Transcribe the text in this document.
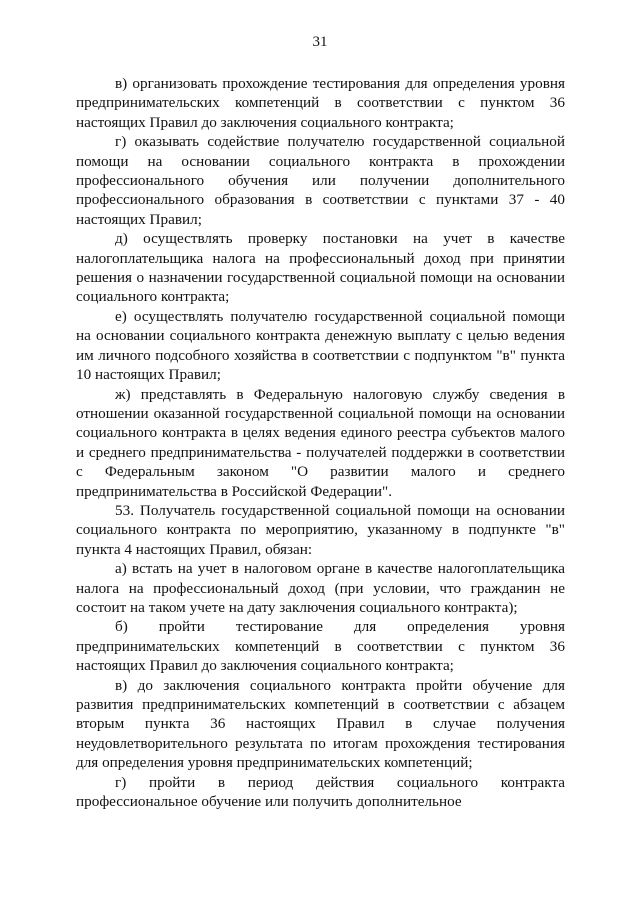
31

в) организовать прохождение тестирования для определения уровня предпринимательских компетенций в соответствии с пунктом 36 настоящих Правил до заключения социального контракта;

г) оказывать содействие получателю государственной социальной помощи на основании социального контракта в прохождении профессионального обучения или получении дополнительного профессионального образования в соответствии с пунктами 37 - 40 настоящих Правил;

д) осуществлять проверку постановки на учет в качестве налогоплательщика налога на профессиональный доход при принятии решения о назначении государственной социальной помощи на основании социального контракта;

е) осуществлять получателю государственной социальной помощи на основании социального контракта денежную выплату с целью ведения им личного подсобного хозяйства в соответствии с подпунктом "в" пункта 10 настоящих Правил;

ж) представлять в Федеральную налоговую службу сведения в отношении оказанной государственной социальной помощи на основании социального контракта в целях ведения единого реестра субъектов малого и среднего предпринимательства - получателей поддержки в соответствии с Федеральным законом "О развитии малого и среднего предпринимательства в Российской Федерации".

53. Получатель государственной социальной помощи на основании социального контракта по мероприятию, указанному в подпункте "в" пункта 4 настоящих Правил, обязан:

а) встать на учет в налоговом органе в качестве налогоплательщика налога на профессиональный доход (при условии, что гражданин не состоит на таком учете на дату заключения социального контракта);

б) пройти тестирование для определения уровня предпринимательских компетенций в соответствии с пунктом 36 настоящих Правил до заключения социального контракта;

в) до заключения социального контракта пройти обучение для развития предпринимательских компетенций в соответствии с абзацем вторым пункта 36 настоящих Правил в случае получения неудовлетворительного результата по итогам прохождения тестирования для определения уровня предпринимательских компетенций;

г) пройти в период действия социального контракта профессиональное обучение или получить дополнительное
